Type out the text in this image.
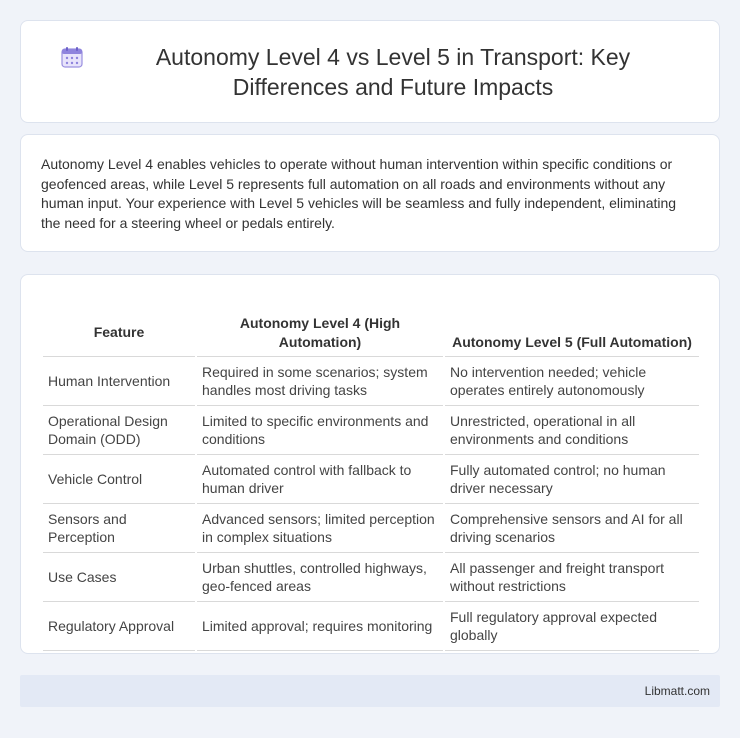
Autonomy Level 4 vs Level 5 in Transport: Key Differences and Future Impacts

Autonomy Level 4 enables vehicles to operate without human intervention within specific conditions or geofenced areas, while Level 5 represents full automation on all roads and environments without any human input. Your experience with Level 5 vehicles will be seamless and fully independent, eliminating the need for a steering wheel or pedals entirely.

Feature	Autonomy Level 4 (High Automation)	Autonomy Level 5 (Full Automation)
Human Intervention	Required in some scenarios; system handles most driving tasks	No intervention needed; vehicle operates entirely autonomously
Operational Design Domain (ODD)	Limited to specific environments and conditions	Unrestricted, operational in all environments and conditions
Vehicle Control	Automated control with fallback to human driver	Fully automated control; no human driver necessary
Sensors and Perception	Advanced sensors; limited perception in complex situations	Comprehensive sensors and AI for all driving scenarios
Use Cases	Urban shuttles, controlled highways, geo-fenced areas	All passenger and freight transport without restrictions
Regulatory Approval	Limited approval; requires monitoring	Full regulatory approval expected globally
Libmatt.com
